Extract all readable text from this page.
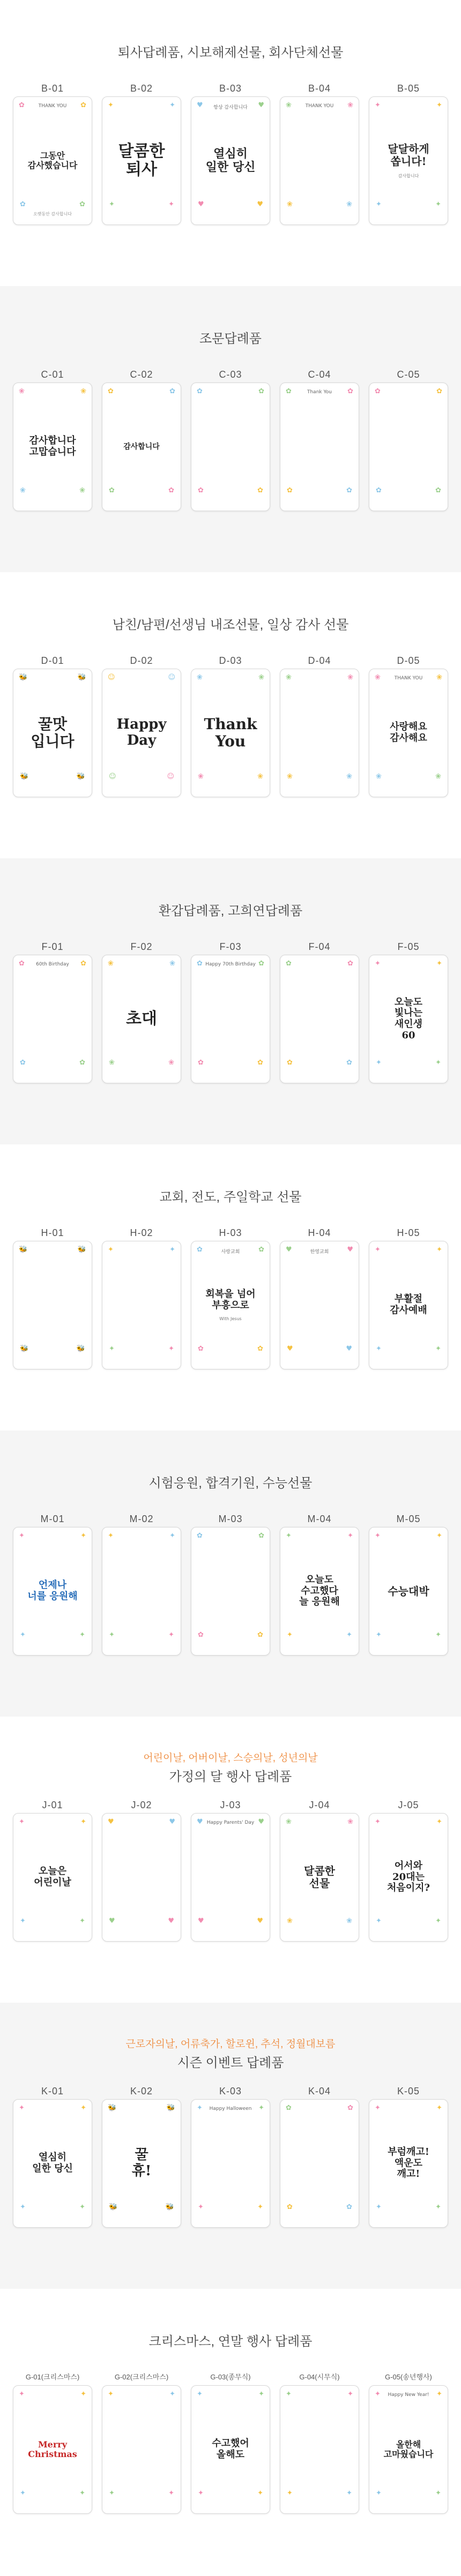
퇴사답례품, 시보해제선물, 회사단체선물
B-01
✿	✿
✿	✿
THANK YOU
그동안
감사했습니다
오랫동안 감사합니다
B-02
✦	✦
✦	✦
달콤한
퇴사
B-03
♥	♥
♥	♥
항상 감사합니다
열심히
일한 당신
B-04
❀	❀
❀	❀
THANK YOU
B-05
✦	✦
✦	✦
달달하게
쏩니다!
감사합니다
조문답례품
C-01
❀	❀
❀	❀
감사합니다
고맙습니다
C-02
✿	✿
✿	✿
감사합니다
C-03
✿	✿
✿	✿
C-04
✿	✿
✿	✿
Thank You
C-05
✿	✿
✿	✿
남친/남편/선생님 내조선물, 일상 감사 선물
D-01
🐝	🐝
🐝	🐝
꿀맛
입니다
D-02
☺	☺
☺	☺
Happy
Day
D-03
❀	❀
❀	❀
Thank
You
D-04
❀	❀
❀	❀
D-05
❀	❀
❀	❀
THANK YOU
사랑해요
감사해요
환갑답례품, 고희연답례품
F-01
✿	✿
✿	✿
60th Birthday
F-02
❀	❀
❀	❀
초대
F-03
✿	✿
✿	✿
Happy 70th Birthday
F-04
✿	✿
✿	✿
F-05
✦	✦
✦	✦
오늘도
빛나는
새인생
60
교회, 전도, 주일학교 선물
H-01
🐝	🐝
🐝	🐝
H-02
✦	✦
✦	✦
H-03
✿	✿
✿	✿
사랑교회
회복을 넘어
부흥으로
With Jesus
H-04
♥	♥
♥	♥
한영교회
H-05
✦	✦
✦	✦
부활절
감사예배
시험응원, 합격기원, 수능선물
M-01
✦	✦
✦	✦
언제나
너를 응원해
M-02
✦	✦
✦	✦
M-03
✿	✿
✿	✿
M-04
✦	✦
✦	✦
오늘도
수고했다
늘 응원해
M-05
✦	✦
✦	✦
수능대박
어린이날, 어버이날, 스승의날, 성년의날
가정의 달 행사 답례품
J-01
✦	✦
✦	✦
오늘은
어린이날
J-02
♥	♥
♥	♥
J-03
♥	♥
♥	♥
Happy Parents' Day
J-04
❀	❀
❀	❀
달콤한
선물
J-05
✦	✦
✦	✦
어서와
20대는
처음이지?
근로자의날, 어류축가, 할로윈, 추석, 정월대보름
시즌 이벤트 답례품
K-01
✦	✦
✦	✦
열심히
일한 당신
K-02
🐝	🐝
🐝	🐝
꿀
휴!
K-03
✦	✦
✦	✦
Happy Halloween
K-04
✿	✿
✿	✿
K-05
✦	✦
✦	✦
부럼깨고!
액운도
깨고!
크리스마스, 연말 행사 답례품
G-01(크리스마스)
✦	✦
✦	✦
Merry
Christmas
G-02(크리스마스)
✦	✦
✦	✦
G-03(종무식)
✦	✦
✦	✦
수고했어
올해도
G-04(시무식)
✦	✦
✦	✦
G-05(송년행사)
✦	✦
✦	✦
Happy New Year!
올한해
고마웠습니다
